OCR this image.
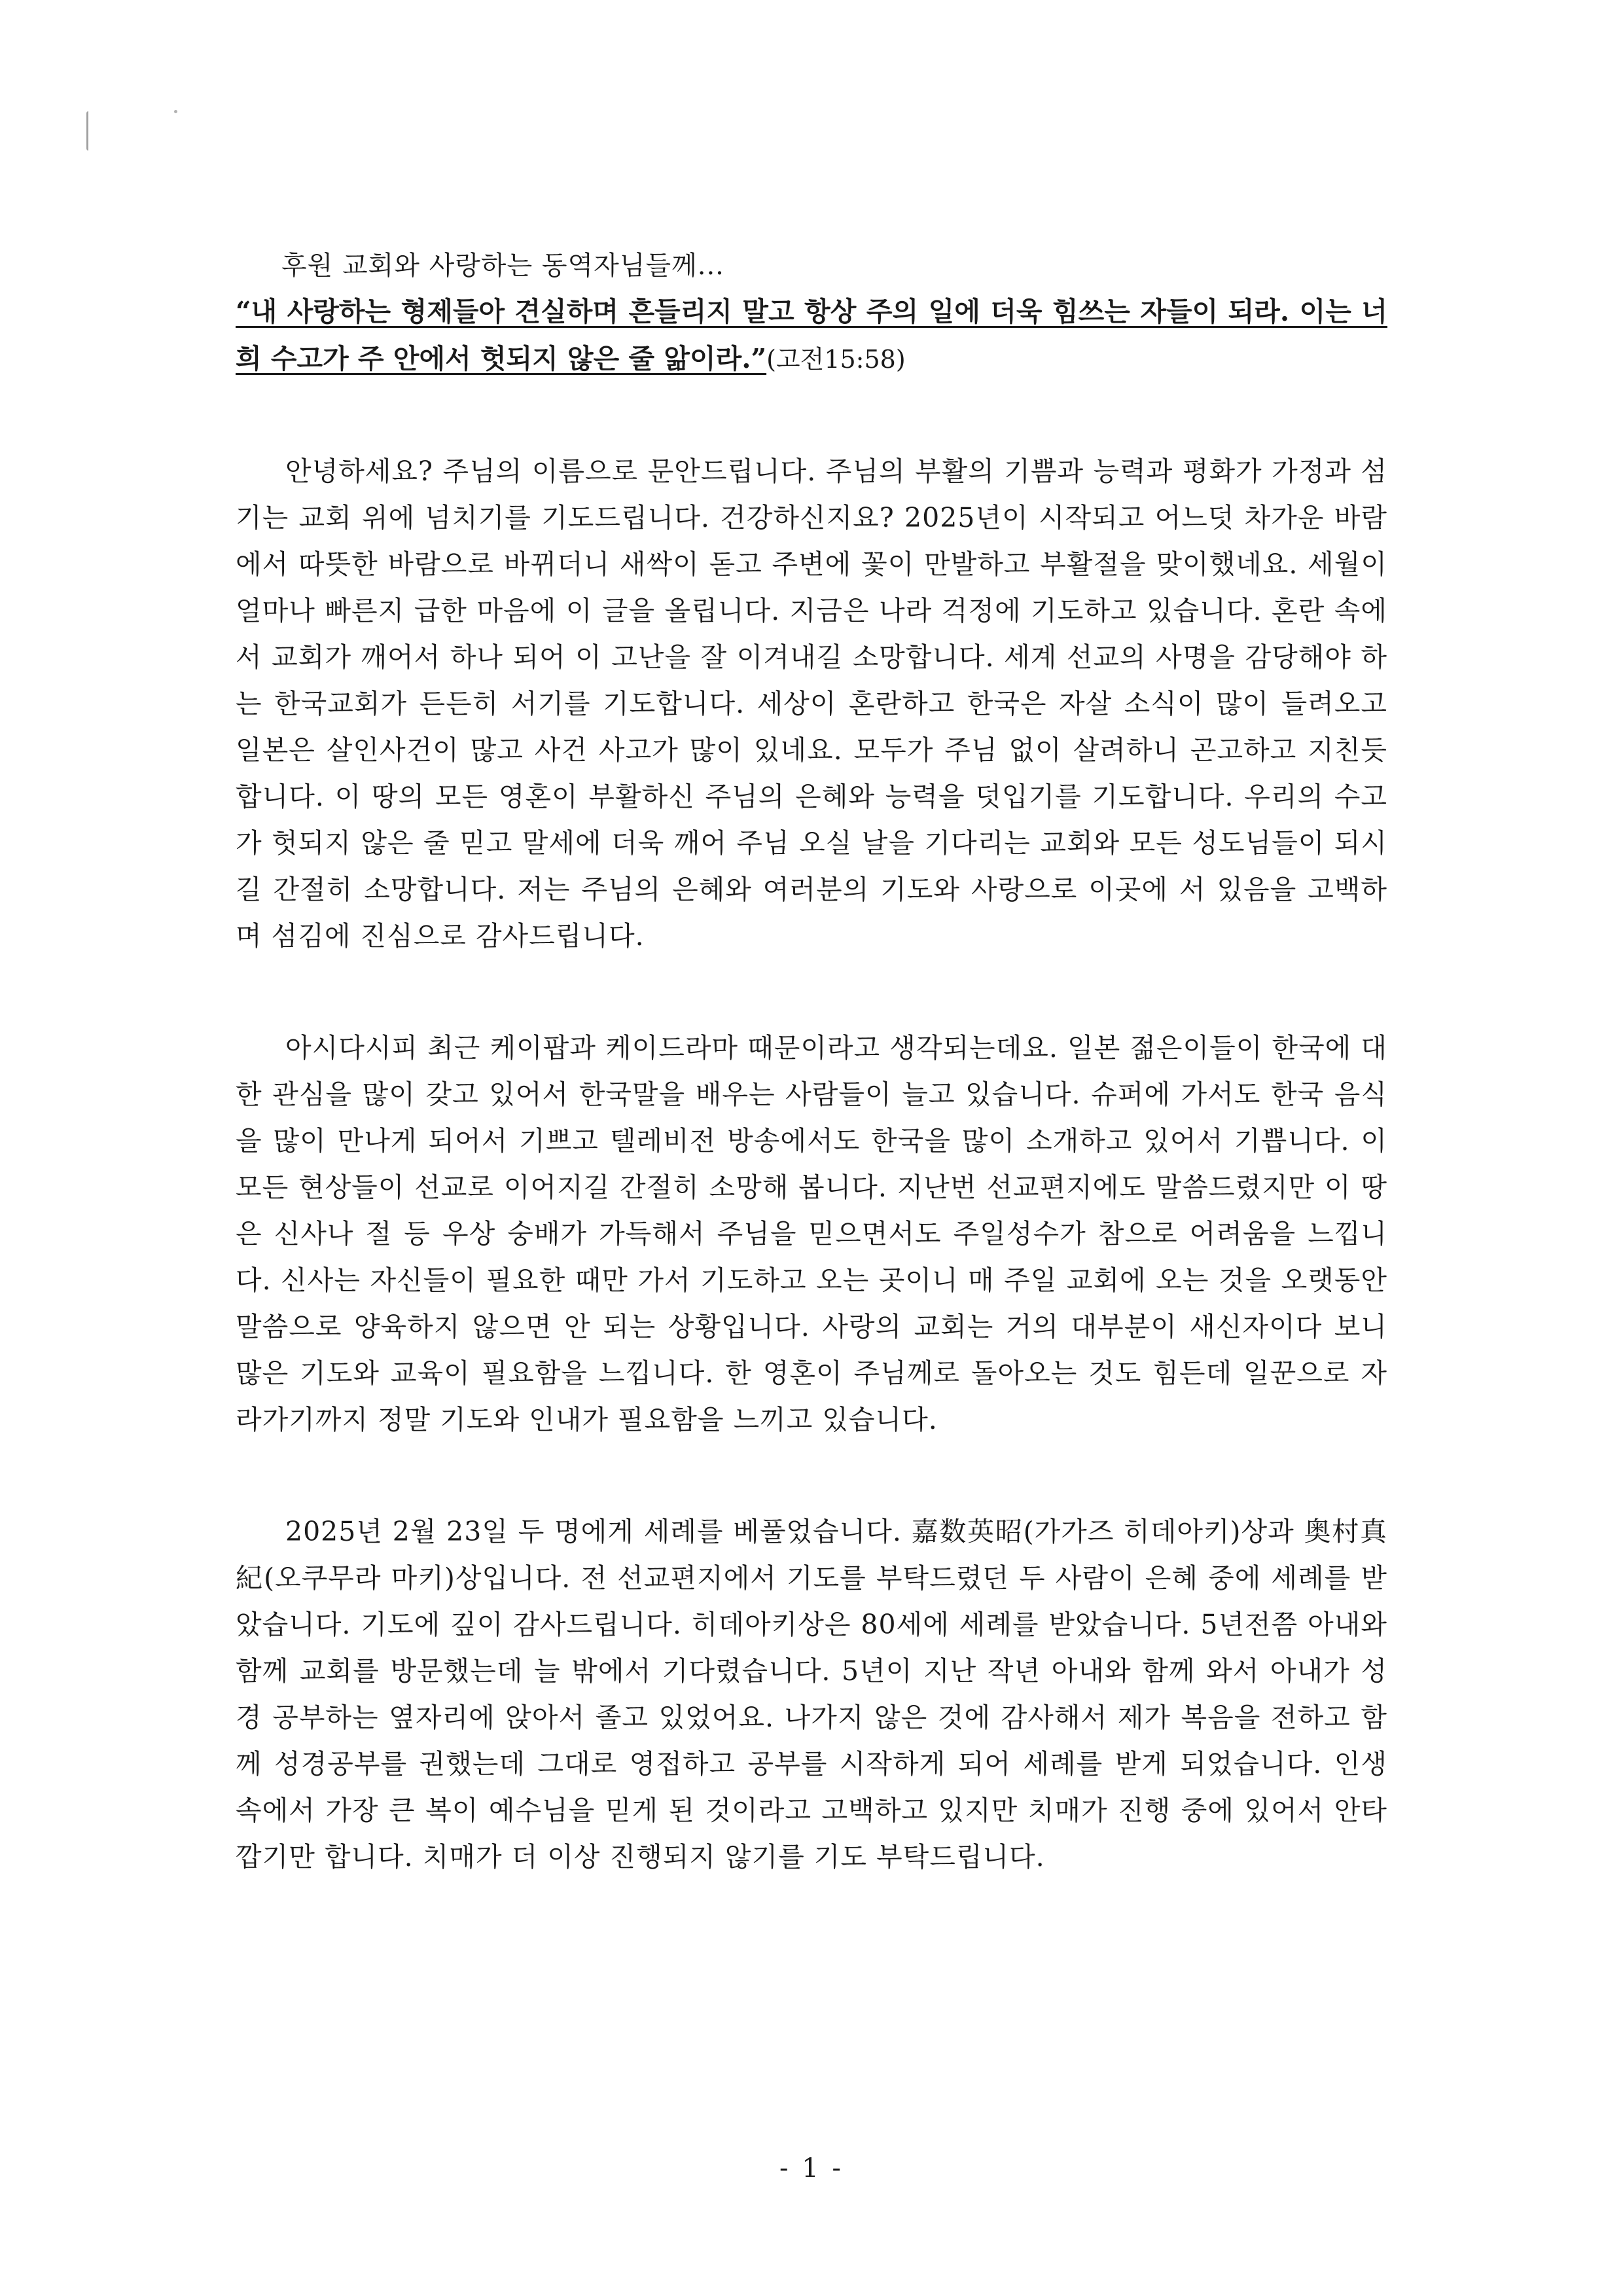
후원 교회와 사랑하는 동역자님들께...

“내 사랑하는 형제들아 견실하며 흔들리지 말고 항상 주의 일에 더욱 힘쓰는 자들이 되라. 이는 너희 수고가 주 안에서 헛되지 않은 줄 앎이라.”(고전15:58)

안녕하세요? 주님의 이름으로 문안드립니다. 주님의 부활의 기쁨과 능력과 평화가 가정과 섬기는 교회 위에 넘치기를 기도드립니다. 건강하신지요? 2025년이 시작되고 어느덧 차가운 바람에서 따뜻한 바람으로 바뀌더니 새싹이 돋고 주변에 꽃이 만발하고 부활절을 맞이했네요. 세월이 얼마나 빠른지 급한 마음에 이 글을 올립니다. 지금은 나라 걱정에 기도하고 있습니다. 혼란 속에서 교회가 깨어서 하나 되어 이 고난을 잘 이겨내길 소망합니다. 세계 선교의 사명을 감당해야 하는 한국교회가 든든히 서기를 기도합니다. 세상이 혼란하고 한국은 자살 소식이 많이 들려오고 일본은 살인사건이 많고 사건 사고가 많이 있네요. 모두가 주님 없이 살려하니 곤고하고 지친듯 합니다. 이 땅의 모든 영혼이 부활하신 주님의 은혜와 능력을 덧입기를 기도합니다. 우리의 수고가 헛되지 않은 줄 믿고 말세에 더욱 깨어 주님 오실 날을 기다리는 교회와 모든 성도님들이 되시길 간절히 소망합니다. 저는 주님의 은혜와 여러분의 기도와 사랑으로 이곳에 서 있음을 고백하며 섬김에 진심으로 감사드립니다.

아시다시피 최근 케이팝과 케이드라마 때문이라고 생각되는데요. 일본 젊은이들이 한국에 대한 관심을 많이 갖고 있어서 한국말을 배우는 사람들이 늘고 있습니다. 슈퍼에 가서도 한국 음식을 많이 만나게 되어서 기쁘고 텔레비전 방송에서도 한국을 많이 소개하고 있어서 기쁩니다. 이 모든 현상들이 선교로 이어지길 간절히 소망해 봅니다. 지난번 선교편지에도 말씀드렸지만 이 땅은 신사나 절 등 우상 숭배가 가득해서 주님을 믿으면서도 주일성수가 참으로 어려움을 느낍니다. 신사는 자신들이 필요한 때만 가서 기도하고 오는 곳이니 매 주일 교회에 오는 것을 오랫동안 말씀으로 양육하지 않으면 안 되는 상황입니다. 사랑의 교회는 거의 대부분이 새신자이다 보니 많은 기도와 교육이 필요함을 느낍니다. 한 영혼이 주님께로 돌아오는 것도 힘든데 일꾼으로 자라가기까지 정말 기도와 인내가 필요함을 느끼고 있습니다.

2025년 2월 23일 두 명에게 세례를 베풀었습니다. 嘉数英昭(가가즈 히데아키)상과 奥村真紀(오쿠무라 마키)상입니다. 전 선교편지에서 기도를 부탁드렸던 두 사람이 은혜 중에 세례를 받았습니다. 기도에 깊이 감사드립니다. 히데아키상은 80세에 세례를 받았습니다. 5년전쯤 아내와 함께 교회를 방문했는데 늘 밖에서 기다렸습니다. 5년이 지난 작년 아내와 함께 와서 아내가 성경 공부하는 옆자리에 앉아서 졸고 있었어요. 나가지 않은 것에 감사해서 제가 복음을 전하고 함께 성경공부를 권했는데 그대로 영접하고 공부를 시작하게 되어 세례를 받게 되었습니다. 인생 속에서 가장 큰 복이 예수님을 믿게 된 것이라고 고백하고 있지만 치매가 진행 중에 있어서 안타깝기만 합니다. 치매가 더 이상 진행되지 않기를 기도 부탁드립니다.

- 1 -
